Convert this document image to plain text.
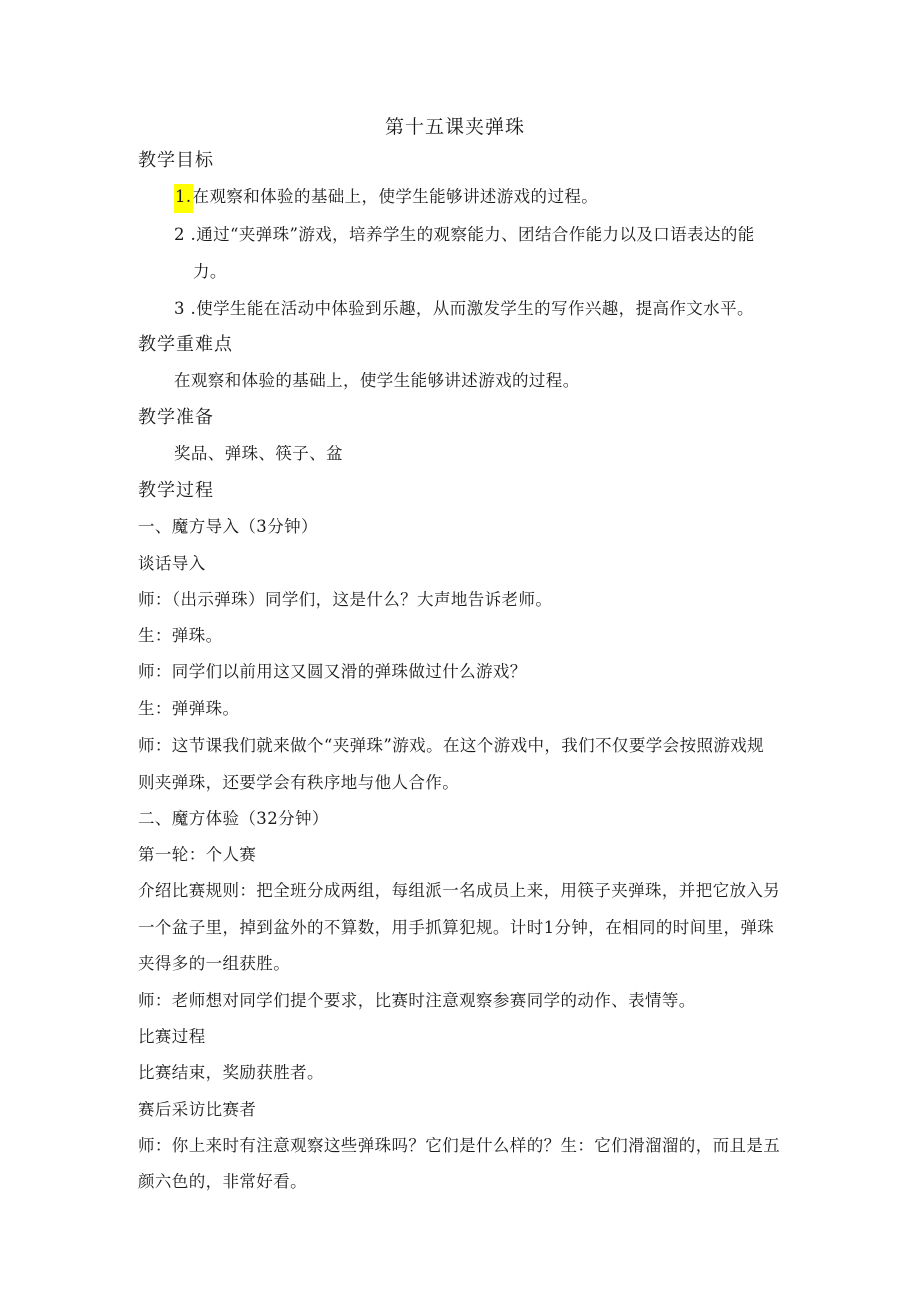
第十五课夹弹珠
教学目标
1.在观察和体验的基础上，使学生能够讲述游戏的过程。
2 .通过“夹弹珠”游戏，培养学生的观察能力、团结合作能力以及口语表达的能
力。
3 .使学生能在活动中体验到乐趣，从而激发学生的写作兴趣，提高作文水平。
教学重难点
在观察和体验的基础上，使学生能够讲述游戏的过程。
教学准备
奖品、弹珠、筷子、盆
教学过程
一、魔方导入（3分钟）
谈话导入
师：（出示弹珠）同学们，这是什么？大声地告诉老师。
生：弹珠。
师：同学们以前用这又圆又滑的弹珠做过什么游戏？
生：弹弹珠。
师：这节课我们就来做个“夹弹珠”游戏。在这个游戏中，我们不仅要学会按照游戏规
则夹弹珠，还要学会有秩序地与他人合作。
二、魔方体验（32分钟）
第一轮：个人赛
介绍比赛规则：把全班分成两组，每组派一名成员上来，用筷子夹弹珠，并把它放入另
一个盆子里，掉到盆外的不算数，用手抓算犯规。计时1分钟，在相同的时间里，弹珠
夹得多的一组获胜。
师：老师想对同学们提个要求，比赛时注意观察参赛同学的动作、表情等。
比赛过程
比赛结束，奖励获胜者。
赛后采访比赛者
师：你上来时有注意观察这些弹珠吗？它们是什么样的？生：它们滑溜溜的，而且是五
颜六色的，非常好看。
